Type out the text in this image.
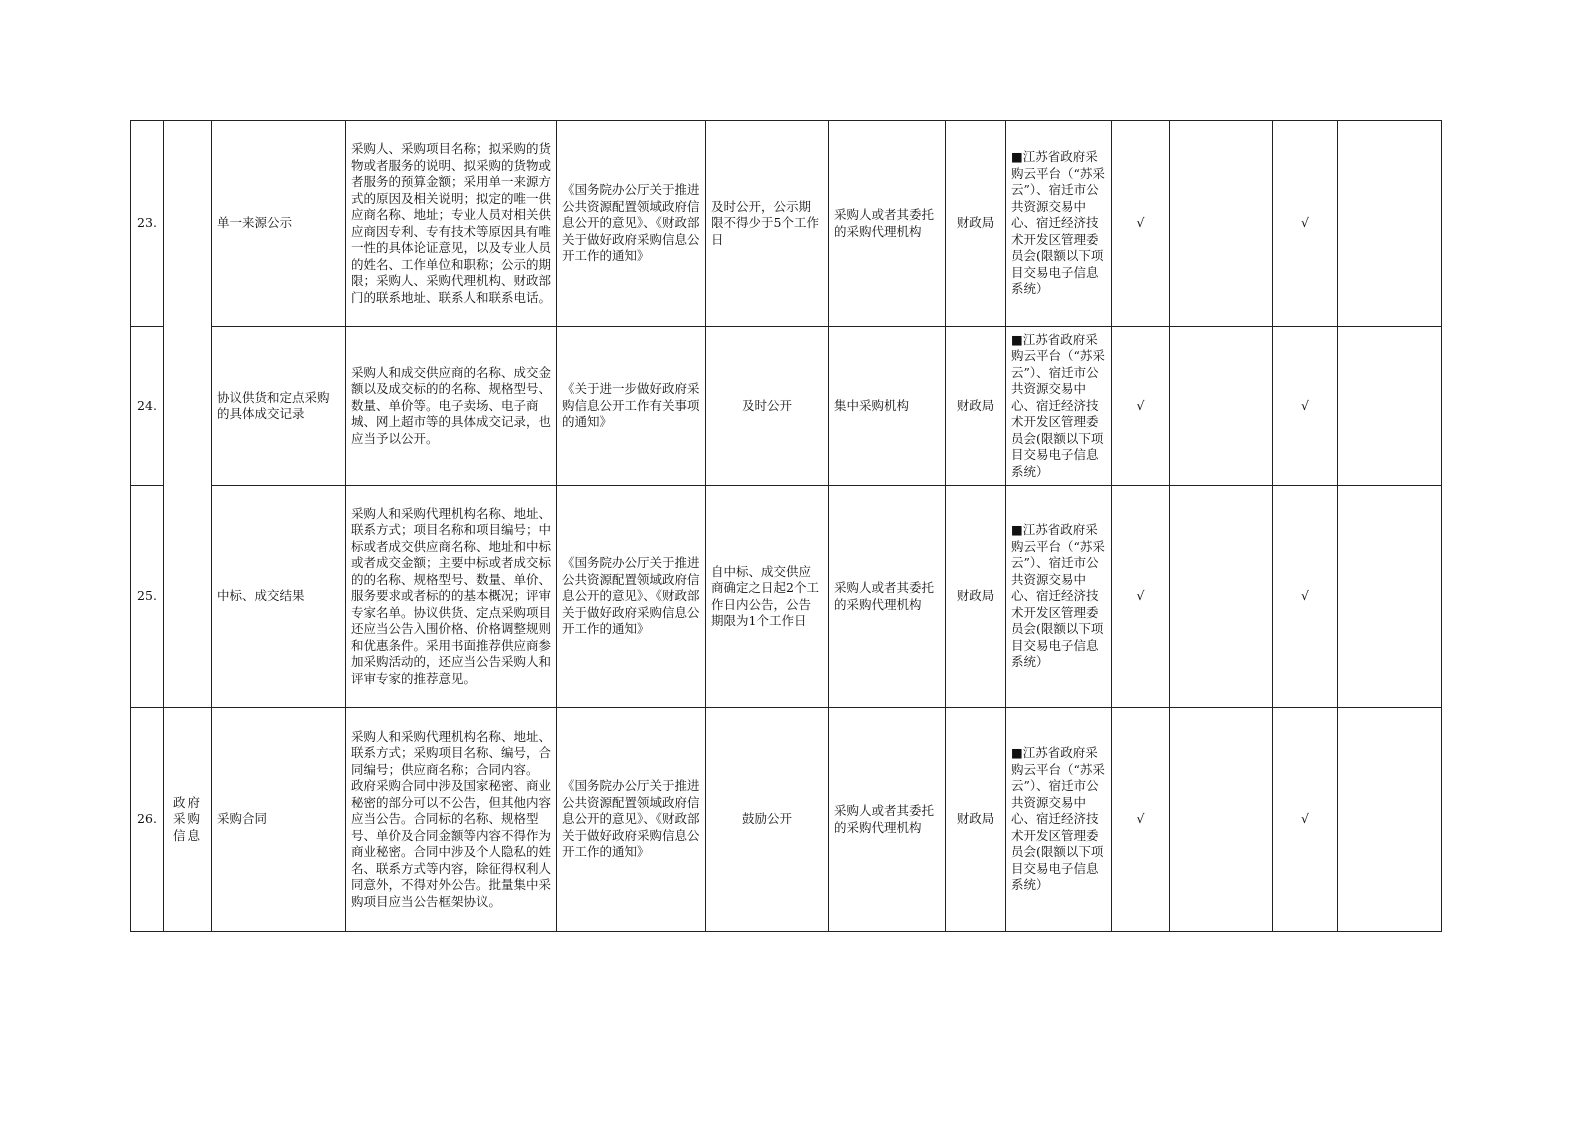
23.		单一来源公示	采购人、采购项目名称；拟采购的货物或者服务的说明、拟采购的货物或者服务的预算金额；采用单一来源方式的原因及相关说明；拟定的唯一供应商名称、地址；专业人员对相关供应商因专利、专有技术等原因具有唯一性的具体论证意见，以及专业人员的姓名、工作单位和职称；公示的期限；采购人、采购代理机构、财政部门的联系地址、联系人和联系电话。	《国务院办公厅关于推进公共资源配置领域政府信息公开的意见》、《财政部关于做好政府采购信息公开工作的通知》	及时公开，公示期限不得少于5个工作日	采购人或者其委托的采购代理机构	财政局	■江苏省政府采购云平台（“苏采云”）、宿迁市公共资源交易中心、宿迁经济技术开发区管理委员会(限额以下项目交易电子信息系统）	√		√	
24.		协议供货和定点采购的具体成交记录	采购人和成交供应商的名称、成交金额以及成交标的的名称、规格型号、数量、单价等。电子卖场、电子商城、网上超市等的具体成交记录，也应当予以公开。	《关于进一步做好政府采购信息公开工作有关事项的通知》	及时公开	集中采购机构	财政局	■江苏省政府采购云平台（“苏采云”）、宿迁市公共资源交易中心、宿迁经济技术开发区管理委员会(限额以下项目交易电子信息系统）	√		√	
25.		中标、成交结果	采购人和采购代理机构名称、地址、联系方式；项目名称和项目编号；中标或者成交供应商名称、地址和中标或者成交金额；主要中标或者成交标的的名称、规格型号、数量、单价、服务要求或者标的的基本概况；评审专家名单。协议供货、定点采购项目还应当公告入围价格、价格调整规则和优惠条件。采用书面推荐供应商参加采购活动的，还应当公告采购人和评审专家的推荐意见。	《国务院办公厅关于推进公共资源配置领域政府信息公开的意见》、《财政部关于做好政府采购信息公开工作的通知》	自中标、成交供应商确定之日起2个工作日内公告，公告期限为1个工作日	采购人或者其委托的采购代理机构	财政局	■江苏省政府采购云平台（“苏采云”）、宿迁市公共资源交易中心、宿迁经济技术开发区管理委员会(限额以下项目交易电子信息系统）	√		√	
26.	政府采购信息	采购合同	采购人和采购代理机构名称、地址、联系方式；采购项目名称、编号，合同编号；供应商名称；合同内容。
政府采购合同中涉及国家秘密、商业秘密的部分可以不公告，但其他内容应当公告。合同标的名称、规格型号、单价及合同金额等内容不得作为商业秘密。合同中涉及个人隐私的姓名、联系方式等内容，除征得权利人同意外，不得对外公告。批量集中采购项目应当公告框架协议。	《国务院办公厅关于推进公共资源配置领域政府信息公开的意见》、《财政部关于做好政府采购信息公开工作的通知》	鼓励公开	采购人或者其委托的采购代理机构	财政局	■江苏省政府采购云平台（“苏采云”）、宿迁市公共资源交易中心、宿迁经济技术开发区管理委员会(限额以下项目交易电子信息系统）	√		√	
